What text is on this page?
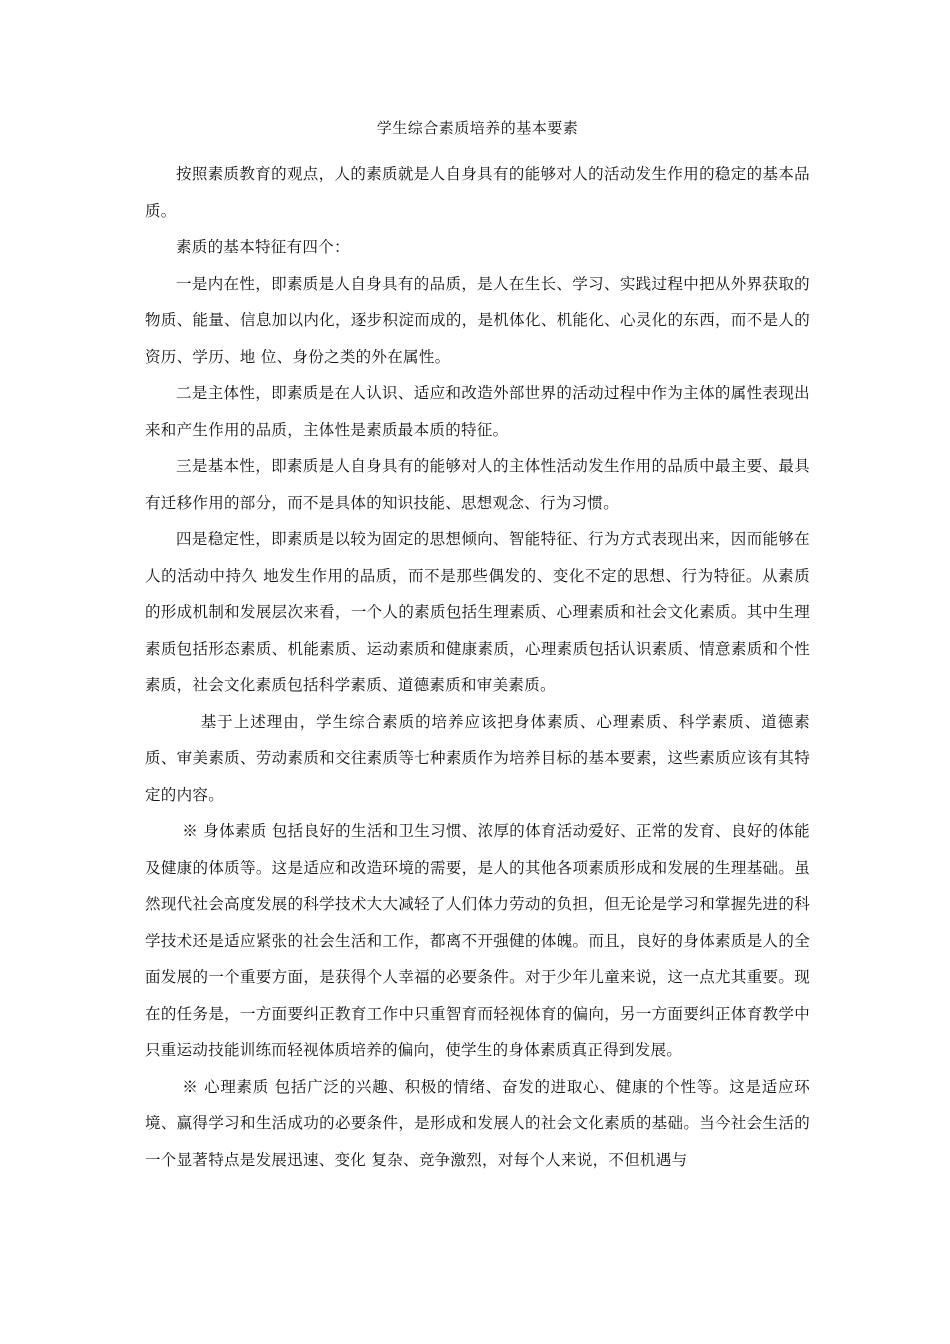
学生综合素质培养的基本要素

按照素质教育的观点，人的素质就是人自身具有的能够对人的活动发生作用的稳定的基本品质。

素质的基本特征有四个：

一是内在性，即素质是人自身具有的品质，是人在生长、学习、实践过程中把从外界获取的物质、能量、信息加以内化，逐步积淀而成的，是机体化、机能化、心灵化的东西，而不是人的资历、学历、地 位、身份之类的外在属性。

二是主体性，即素质是在人认识、适应和改造外部世界的活动过程中作为主体的属性表现出来和产生作用的品质，主体性是素质最本质的特征。

三是基本性，即素质是人自身具有的能够对人的主体性活动发生作用的品质中最主要、最具有迁移作用的部分，而不是具体的知识技能、思想观念、行为习惯。

四是稳定性，即素质是以较为固定的思想倾向、智能特征、行为方式表现出来，因而能够在人的活动中持久 地发生作用的品质，而不是那些偶发的、变化不定的思想、行为特征。从素质的形成机制和发展层次来看，一个人的素质包括生理素质、心理素质和社会文化素质。其中生理素质包括形态素质、机能素质、运动素质和健康素质，心理素质包括认识素质、情意素质和个性素质，社会文化素质包括科学素质、道德素质和审美素质。

基于上述理由，学生综合素质的培养应该把身体素质、心理素质、科学素质、道德素质、审美素质、劳动素质和交往素质等七种素质作为培养目标的基本要素，这些素质应该有其特定的内容。

※ 身体素质 包括良好的生活和卫生习惯、浓厚的体育活动爱好、正常的发育、良好的体能及健康的体质等。这是适应和改造环境的需要，是人的其他各项素质形成和发展的生理基础。虽然现代社会高度发展的科学技术大大减轻了人们体力劳动的负担，但无论是学习和掌握先进的科学技术还是适应紧张的社会生活和工作，都离不开强健的体魄。而且，良好的身体素质是人的全面发展的一个重要方面，是获得个人幸福的必要条件。对于少年儿童来说，这一点尤其重要。现在的任务是，一方面要纠正教育工作中只重智育而轻视体育的偏向，另一方面要纠正体育教学中只重运动技能训练而轻视体质培养的偏向，使学生的身体素质真正得到发展。

※ 心理素质 包括广泛的兴趣、积极的情绪、奋发的进取心、健康的个性等。这是适应环境、赢得学习和生活成功的必要条件，是形成和发展人的社会文化素质的基础。当今社会生活的一个显著特点是发展迅速、变化 复杂、竞争激烈，对每个人来说，不但机遇与
